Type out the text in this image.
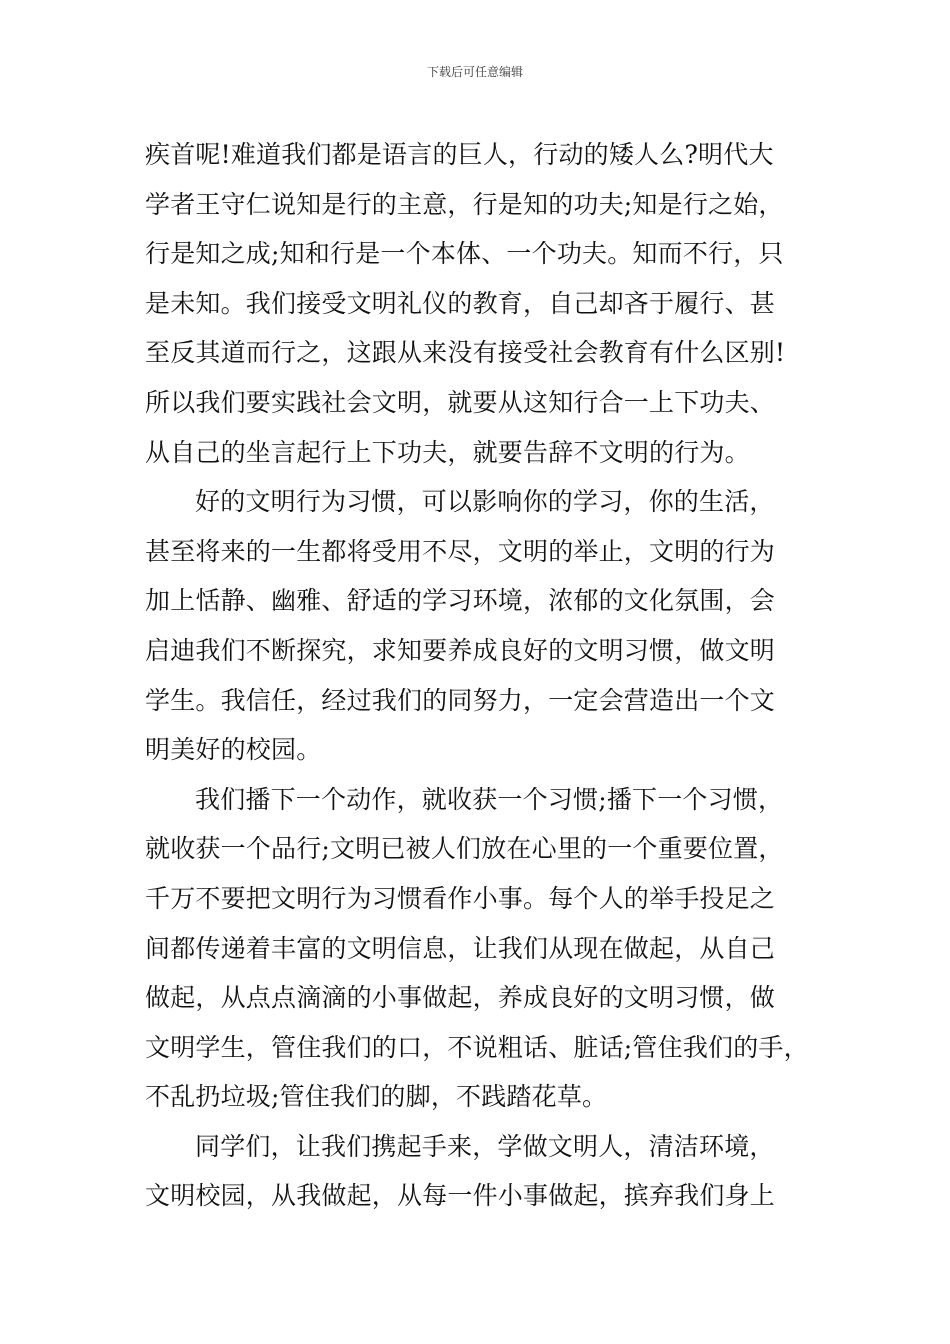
下载后可任意编辑
疾首呢!难道我们都是语言的巨人，行动的矮人么?明代大
学者王守仁说知是行的主意，行是知的功夫;知是行之始，
行是知之成;知和行是一个本体、一个功夫。知而不行，只
是未知。我们接受文明礼仪的教育，自己却吝于履行、甚
至反其道而行之，这跟从来没有接受社会教育有什么区别!
所以我们要实践社会文明，就要从这知行合一上下功夫、
从自己的坐言起行上下功夫，就要告辞不文明的行为。
好的文明行为习惯，可以影响你的学习，你的生活，
甚至将来的一生都将受用不尽，文明的举止，文明的行为
加上恬静、幽雅、舒适的学习环境，浓郁的文化氛围，会
启迪我们不断探究，求知要养成良好的文明习惯，做文明
学生。我信任，经过我们的同努力，一定会营造出一个文
明美好的校园。
我们播下一个动作，就收获一个习惯;播下一个习惯，
就收获一个品行;文明已被人们放在心里的一个重要位置，
千万不要把文明行为习惯看作小事。每个人的举手投足之
间都传递着丰富的文明信息，让我们从现在做起，从自己
做起，从点点滴滴的小事做起，养成良好的文明习惯，做
文明学生，管住我们的口，不说粗话、脏话;管住我们的手，
不乱扔垃圾;管住我们的脚，不践踏花草。
同学们，让我们携起手来，学做文明人，清洁环境，
文明校园，从我做起，从每一件小事做起，摈弃我们身上
